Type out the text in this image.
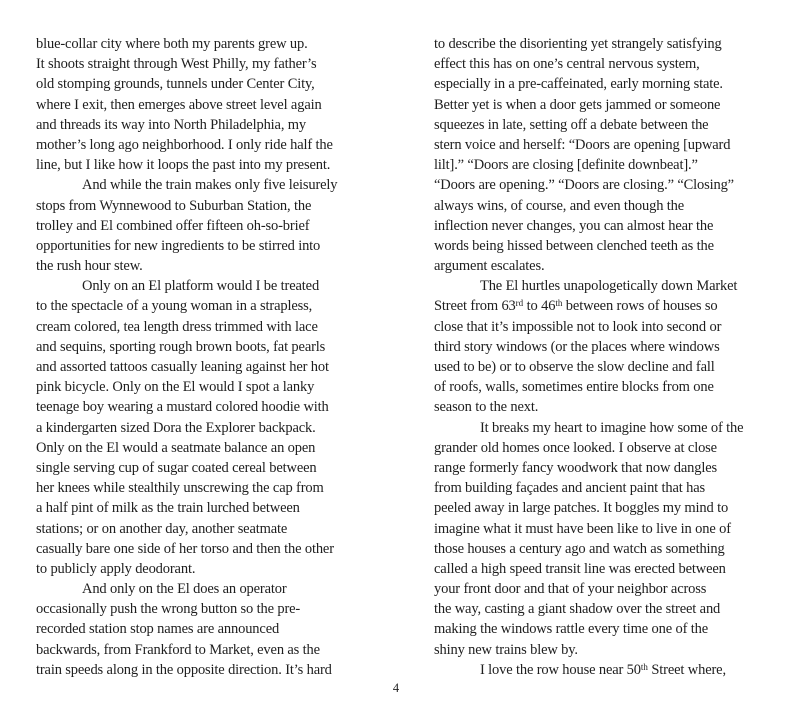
blue-collar city where both my parents grew up.
It shoots straight through West Philly, my father’s
old stomping grounds, tunnels under Center City,
where I exit, then emerges above street level again
and threads its way into North Philadelphia, my
mother’s long ago neighborhood. I only ride half the
line, but I like how it loops the past into my present.
And while the train makes only five leisurely
stops from Wynnewood to Suburban Station, the
trolley and El combined offer fifteen oh-so-brief
opportunities for new ingredients to be stirred into
the rush hour stew.
Only on an El platform would I be treated
to the spectacle of a young woman in a strapless,
cream colored, tea length dress trimmed with lace
and sequins, sporting rough brown boots, fat pearls
and assorted tattoos casually leaning against her hot
pink bicycle. Only on the El would I spot a lanky
teenage boy wearing a mustard colored hoodie with
a kindergarten sized Dora the Explorer backpack.
Only on the El would a seatmate balance an open
single serving cup of sugar coated cereal between
her knees while stealthily unscrewing the cap from
a half pint of milk as the train lurched between
stations; or on another day, another seatmate
casually bare one side of her torso and then the other
to publicly apply deodorant.
And only on the El does an operator
occasionally push the wrong button so the pre-
recorded station stop names are announced
backwards, from Frankford to Market, even as the
train speeds along in the opposite direction. It’s hard
to describe the disorienting yet strangely satisfying
effect this has on one’s central nervous system,
especially in a pre-caffeinated, early morning state.
Better yet is when a door gets jammed or someone
squeezes in late, setting off a debate between the
stern voice and herself: “Doors are opening [upward
lilt].” “Doors are closing [definite downbeat].”
“Doors are opening.” “Doors are closing.” “Closing”
always wins, of course, and even though the
inflection never changes, you can almost hear the
words being hissed between clenched teeth as the
argument escalates.
The El hurtles unapologetically down Market
Street from 63rd to 46th between rows of houses so
close that it’s impossible not to look into second or
third story windows (or the places where windows
used to be) or to observe the slow decline and fall
of roofs, walls, sometimes entire blocks from one
season to the next.
It breaks my heart to imagine how some of the
grander old homes once looked. I observe at close
range formerly fancy woodwork that now dangles
from building façades and ancient paint that has
peeled away in large patches. It boggles my mind to
imagine what it must have been like to live in one of
those houses a century ago and watch as something
called a high speed transit line was erected between
your front door and that of your neighbor across
the way, casting a giant shadow over the street and
making the windows rattle every time one of the
shiny new trains blew by.
I love the row house near 50th Street where,
4
